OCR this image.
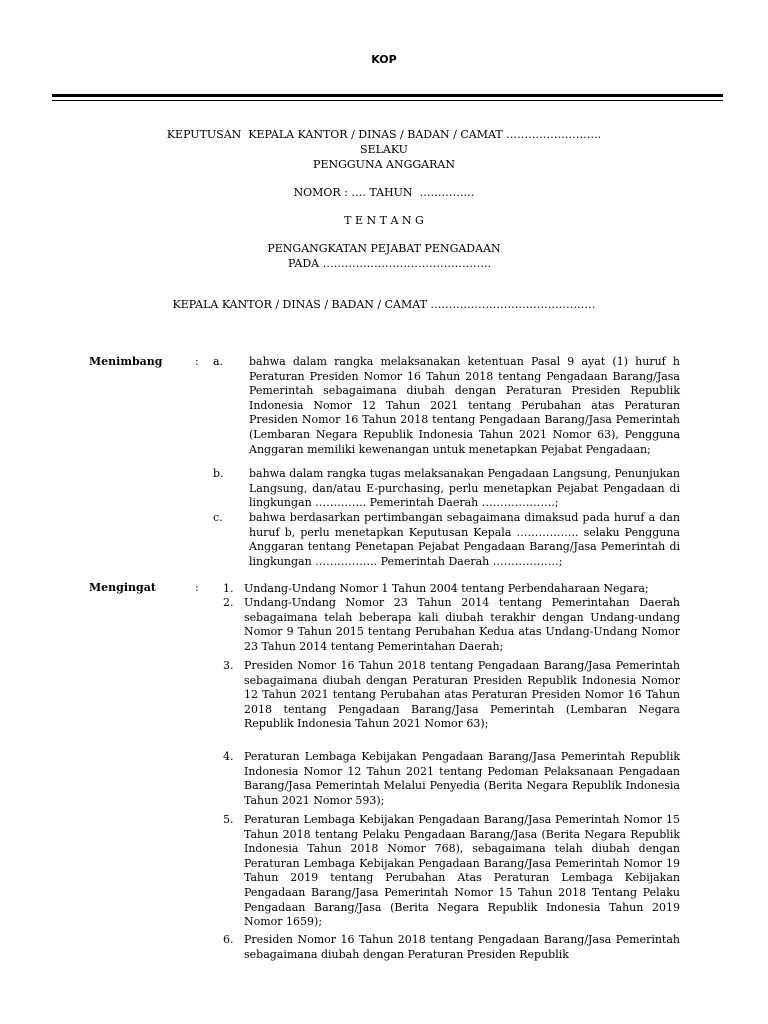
KOP
KEPUTUSAN  KEPALA KANTOR / DINAS / BADAN / CAMAT ……………………..
SELAKU
PENGGUNA ANGGARAN
NOMOR : …. TAHUN  ……………
T E N T A N G
PENGANGKATAN PEJABAT PENGADAAN
PADA ……………………………………….
KEPALA KANTOR / DINAS / BADAN / CAMAT ………………………………………
Menimbang	: a. bahwa dalam rangka melaksanakan ketentuan Pasal 9 ayat (1) huruf h Peraturan Presiden Nomor 16 Tahun 2018 tentang Pengadaan Barang/Jasa Pemerintah sebagaimana diubah dengan Peraturan Presiden Republik Indonesia Nomor 12 Tahun 2021 tentang Perubahan atas Peraturan Presiden Nomor 16 Tahun 2018 tentang Pengadaan Barang/Jasa Pemerintah (Lembaran Negara Republik Indonesia Tahun 2021 Nomor 63), Pengguna Anggaran memiliki kewenangan untuk menetapkan Pejabat Pengadaan;

b. bahwa dalam rangka tugas melaksanakan Pengadaan Langsung, Penunjukan Langsung, dan/atau E-purchasing, perlu menetapkan Pejabat Pengadaan di lingkungan ………….. Pemerintah Daerah ………………..;

c. bahwa berdasarkan pertimbangan sebagaimana dimaksud pada huruf a dan huruf b, perlu menetapkan Keputusan Kepala …………….. selaku Pengguna Anggaran tentang Penetapan Pejabat Pengadaan Barang/Jasa Pemerintah di lingkungan …………….. Pemerintah Daerah ………………;

Mengingat	: 1. Undang-Undang Nomor 1 Tahun 2004 tentang Perbendaharaan Negara;

2. Undang-Undang Nomor 23 Tahun 2014 tentang Pemerintahan Daerah sebagaimana telah beberapa kali diubah terakhir dengan Undang-undang Nomor 9 Tahun 2015 tentang Perubahan Kedua atas Undang-Undang Nomor 23 Tahun 2014 tentang Pemerintahan Daerah;

3. Presiden Nomor 16 Tahun 2018 tentang Pengadaan Barang/Jasa Pemerintah sebagaimana diubah dengan Peraturan Presiden Republik Indonesia Nomor 12 Tahun 2021 tentang Perubahan atas Peraturan Presiden Nomor 16 Tahun 2018 tentang Pengadaan Barang/Jasa Pemerintah (Lembaran Negara Republik Indonesia Tahun 2021 Nomor 63);

4. Peraturan Lembaga Kebijakan Pengadaan Barang/Jasa Pemerintah Republik Indonesia Nomor 12 Tahun 2021 tentang Pedoman Pelaksanaan Pengadaan Barang/Jasa Pemerintah Melalui Penyedia (Berita Negara Republik Indonesia Tahun 2021 Nomor 593);

5. Peraturan Lembaga Kebijakan Pengadaan Barang/Jasa Pemerintah Nomor 15 Tahun 2018 tentang Pelaku Pengadaan Barang/Jasa (Berita Negara Republik Indonesia Tahun 2018 Nomor 768), sebagaimana telah diubah dengan Peraturan Lembaga Kebijakan Pengadaan Barang/Jasa Pemerintah Nomor 19 Tahun 2019 tentang Perubahan Atas Peraturan Lembaga Kebijakan Pengadaan Barang/Jasa Pemerintah Nomor 15 Tahun 2018 Tentang Pelaku Pengadaan Barang/Jasa (Berita Negara Republik Indonesia Tahun 2019 Nomor 1659);

6. Presiden Nomor 16 Tahun 2018 tentang Pengadaan Barang/Jasa Pemerintah sebagaimana diubah dengan Peraturan Presiden Republik
